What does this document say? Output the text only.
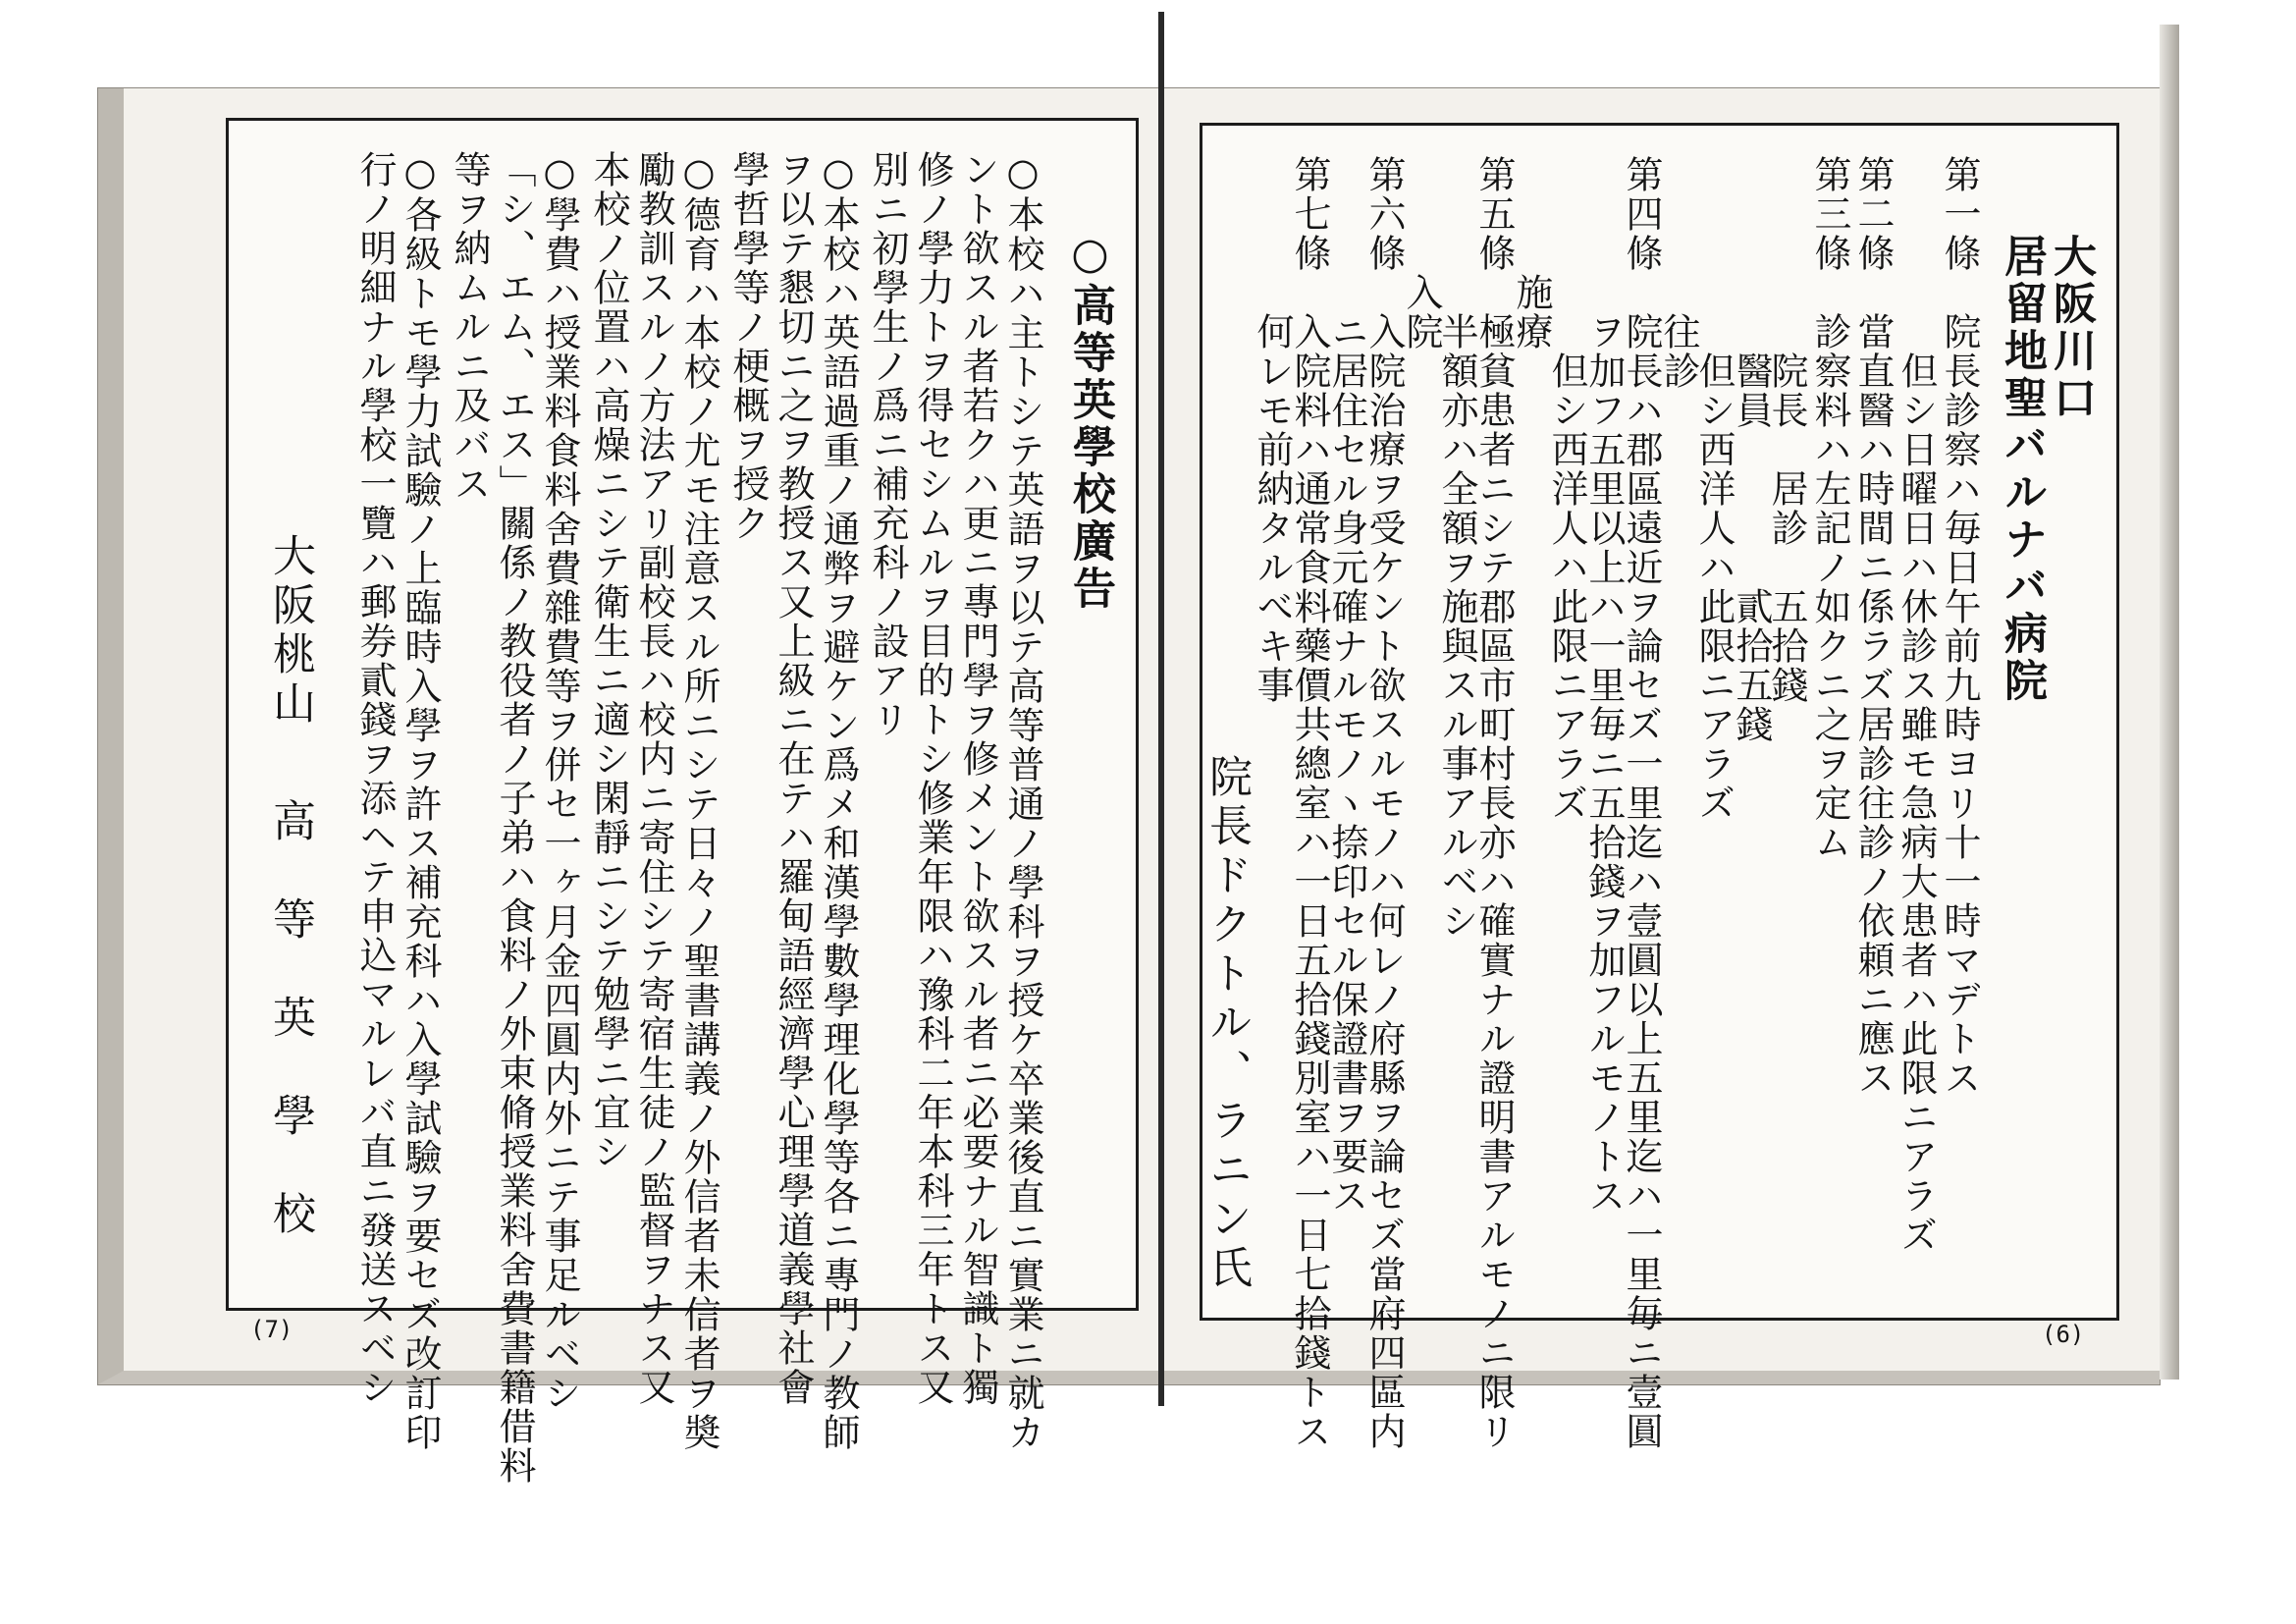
○高等英學校廣告
○本校ハ主トシテ英語ヲ以テ高等普通ノ學科ヲ授ケ卒業後直ニ實業ニ就カ
ント欲スル者若クハ更ニ專門學ヲ修メント欲スル者ニ必要ナル智識ト獨
修ノ學力トヲ得セシムルヲ目的トシ修業年限ハ豫科二年本科三年トス又
別ニ初學生ノ爲ニ補充科ノ設アリ
○本校ハ英語過重ノ通弊ヲ避ケン爲メ和漢學數學理化學等各ニ專門ノ教師
ヲ以テ懇切ニ之ヲ教授ス又上級ニ在テハ羅甸語經濟學心理學道義學社會
學哲學等ノ梗概ヲ授ク
○德育ハ本校ノ尤モ注意スル所ニシテ日々ノ聖書講義ノ外信者未信者ヲ奬
勵教訓スルノ方法アリ副校長ハ校内ニ寄住シテ寄宿生徒ノ監督ヲナス又
本校ノ位置ハ高燥ニシテ衛生ニ適シ閑靜ニシテ勉學ニ宜シ
○學費ハ授業料食料舍費雜費等ヲ併セ一ヶ月金四圓内外ニテ事足ルベシ
「シ、エム、エス」關係ノ教役者ノ子弟ハ食料ノ外束脩授業料舍費書籍借料
等ヲ納ムルニ及バス
○各級トモ學力試驗ノ上臨時入學ヲ許ス補充科ハ入學試驗ヲ要セズ改訂印
行ノ明細ナル學校一覽ハ郵券貳錢ヲ添ヘテ申込マルレバ直ニ發送スベシ
大阪桃山
高　等　英　學　校
(7)
大阪川口
居留地聖バルナバ病院
第一條　院長診察ハ毎日午前九時ヨリ十一時マデトス
　　　　　但シ日曜日ハ休診ス雖モ急病大患者ハ此限ニアラズ
第二條　當直醫ハ時間ニ係ラズ居診往診ノ依頼ニ應ス
第三條　診察料ハ左記ノ如クニ之ヲ定ム
　　　　　院長　居診　五拾錢
　　　　　醫員　　　　貳拾五錢
　　　　　但シ西洋人ハ此限ニアラズ
　　　　往診
第四條　院長ハ郡區遠近ヲ論セズ一里迄ハ壹圓以上五里迄ハ一里毎ニ壹圓
　　　　ヲ加フ五里以上ハ一里毎ニ五拾錢ヲ加フルモノトス
　　　　　但シ西洋人ハ此限ニアラズ
　　　施療
第五條　極貧患者ニシテ郡區市町村長亦ハ確實ナル證明書アルモノニ限リ
　　　　半額亦ハ全額ヲ施與スル事アルベシ
　　　入院
第六條　入院治療ヲ受ケント欲スルモノハ何レノ府縣ヲ論セズ當府四區内
　　　　ニ居住セル身元確ナルモノヽ捺印セル保證書ヲ要ス
第七條　入院料ハ通常食料藥價共總室ハ一日五拾錢別室ハ一日七拾錢トス
　　　　何レモ前納タルべキ事
院長ドクトル、ラニン氏
(6)
